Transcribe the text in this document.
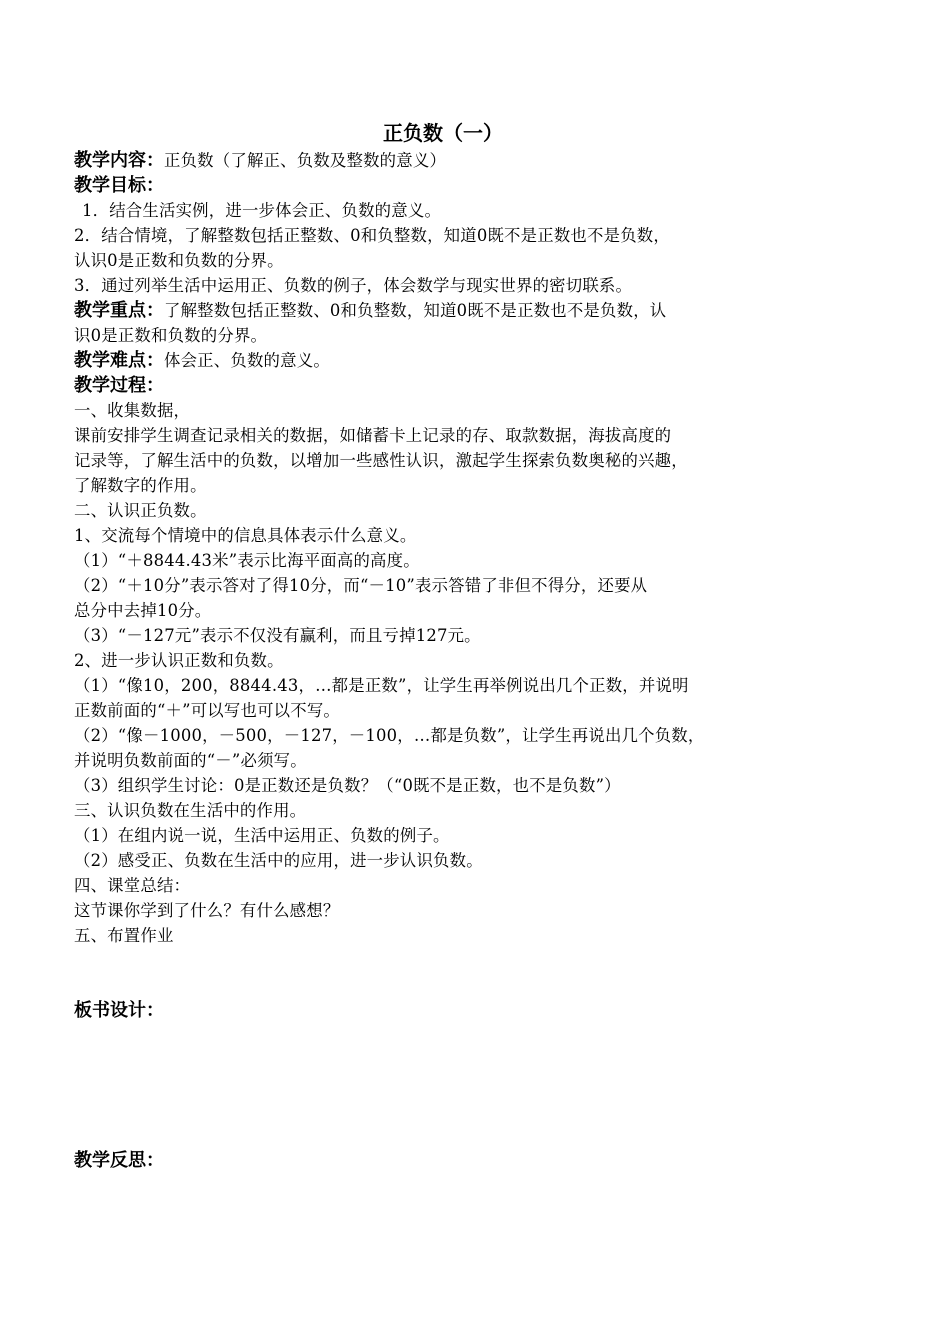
正负数（一）
教学内容：正负数（了解正、负数及整数的意义）
教学目标：
1．结合生活实例，进一步体会正、负数的意义。
2．结合情境，了解整数包括正整数、0和负整数，知道0既不是正数也不是负数，
认识0是正数和负数的分界。
3．通过列举生活中运用正、负数的例子，体会数学与现实世界的密切联系。
教学重点：了解整数包括正整数、0和负整数，知道0既不是正数也不是负数，认
识0是正数和负数的分界。
教学难点：体会正、负数的意义。
教学过程：
一、收集数据，
课前安排学生调查记录相关的数据，如储蓄卡上记录的存、取款数据，海拔高度的
记录等，了解生活中的负数，以增加一些感性认识，激起学生探索负数奥秘的兴趣，
了解数字的作用。
二、认识正负数。
1、交流每个情境中的信息具体表示什么意义。
（1）“＋8844.43米”表示比海平面高的高度。
（2）“＋10分”表示答对了得10分，而“－10”表示答错了非但不得分，还要从
总分中去掉10分。
（3）“－127元”表示不仅没有赢利，而且亏掉127元。
2、进一步认识正数和负数。
（1）“像10，200，8844.43，…都是正数”，让学生再举例说出几个正数，并说明
正数前面的“＋”可以写也可以不写。
（2）“像－1000，－500，－127，－100，…都是负数”，让学生再说出几个负数，
并说明负数前面的“－”必须写。
（3）组织学生讨论：0是正数还是负数？（“0既不是正数，也不是负数”）
三、认识负数在生活中的作用。
（1）在组内说一说，生活中运用正、负数的例子。
（2）感受正、负数在生活中的应用，进一步认识负数。
四、课堂总结：
这节课你学到了什么？有什么感想？
五、布置作业
板书设计：
教学反思：
